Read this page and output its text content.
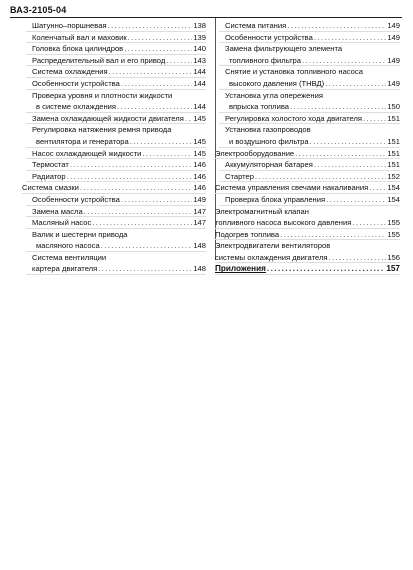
ВАЗ-2105-04
Шатунно–поршневая .....	138
Коленчатый вал и маховик .....	139
Головка блока цилиндров .....	140
Распределительный вал и его привод .....	143
Система охлаждения .....	144
Особенности устройства .....	144
Проверка уровня и плотности жидкости
в системе охлаждения .....	144
Замена охлаждающей жидкости двигателя ..... 145
Регулировка натяжения ремня привода
вентилятора и генератора .....	145
Насос охлаждающей жидкости .....	145
Термостат .....	146
Радиатор .....	146
Система смазки .....	146
Особенности устройства .....	149
Замена масла .....	147
Масляный насос .....	147
Валик и шестерни привода
масляного насоса .....	148
Система вентиляции
картера двигателя .....	148
Система питания .....	149
Особенности устройства .....	149
Замена фильтрующего элемента
топливного фильтра .....	149
Снятие и установка топливного насоса
высокого давления (ТНВД) .....	149
Установка угла опережения
впрыска топлива .....	150
Регулировка холостого хода двигателя .....	151
Установка газопроводов
и воздушного фильтра .....	151
Электрооборудование .....	151
Аккумуляторная батарея .....	151
Стартер .....	152
Система управления свечами накаливания .....	154
Проверка блока управления .....	154
Электромагнитный клапан
топливного насоса высокого давления .....	155
Подогрев топлива .....	155
Электродвигатели вентиляторов
системы охлаждения двигателя .....	156
Приложения .....	157
